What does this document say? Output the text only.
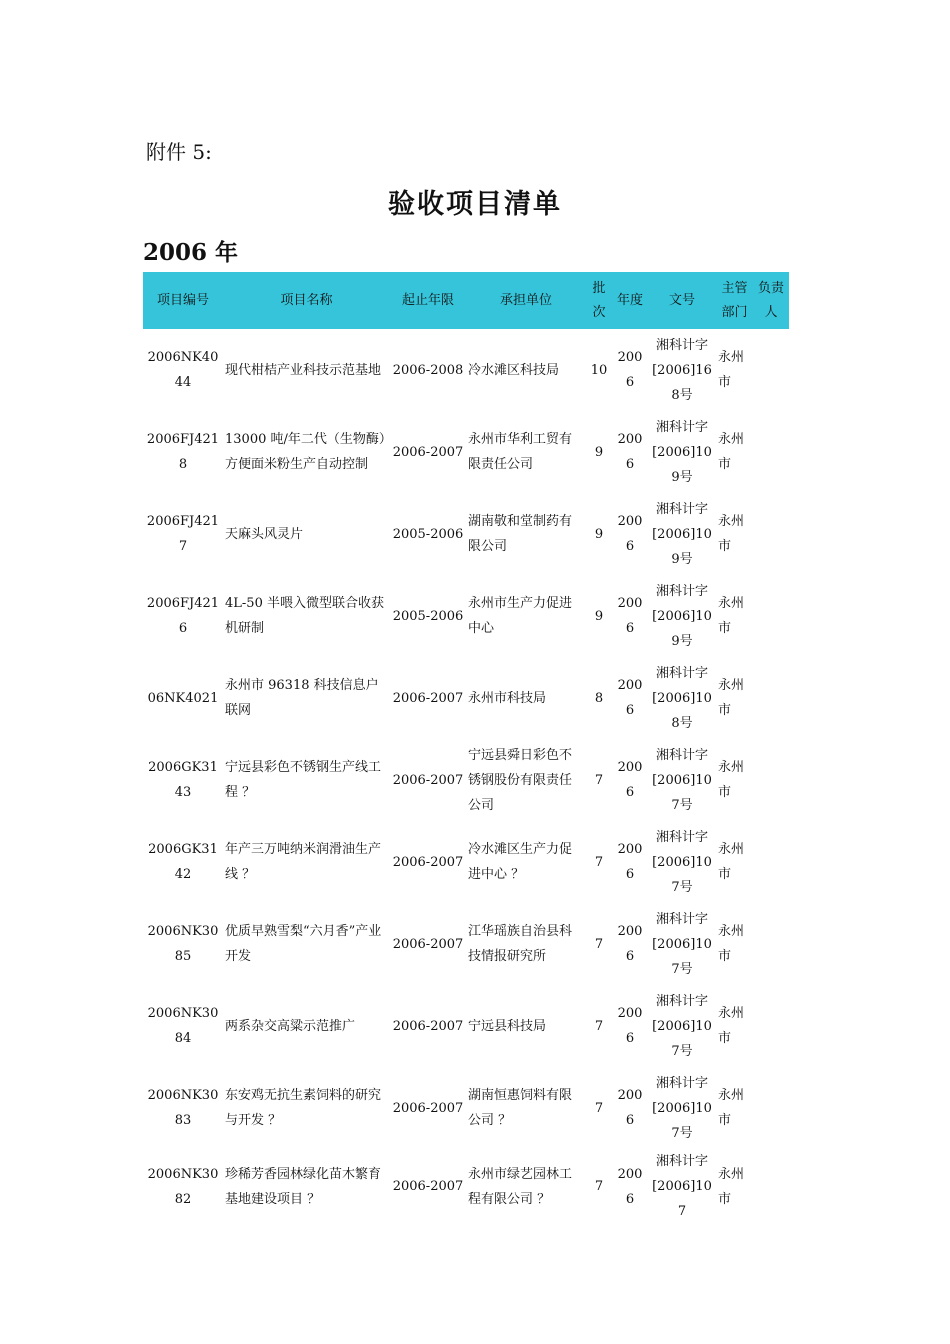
附件 5:
验收项目清单
2006 年
项目编号	项目名称	起止年限	承担单位	批次	年度	文号	主管部门	负责人
2006NK4044	现代柑桔产业科技示范基地	2006-2008	冷水滩区科技局	10	2006	湘科计字[2006]168号	永州市	
2006FJ4218	13000 吨/年二代（生物酶）方便面米粉生产自动控制	2006-2007	永州市华利工贸有限责任公司	9	2006	湘科计字[2006]109号	永州市	
2006FJ4217	天麻头风灵片	2005-2006	湖南敬和堂制药有限公司	9	2006	湘科计字[2006]109号	永州市	
2006FJ4216	4L-50 半喂入微型联合收获机研制	2005-2006	永州市生产力促进中心	9	2006	湘科计字[2006]109号	永州市	
06NK4021	永州市 96318 科技信息户联网	2006-2007	永州市科技局	8	2006	湘科计字[2006]108号	永州市	
2006GK3143	宁远县彩色不锈钢生产线工程 ？	2006-2007	宁远县舜日彩色不锈钢股份有限责任公司	7	2006	湘科计字[2006]107号	永州市	
2006GK3142	年产三万吨纳米润滑油生产线 ？	2006-2007	冷水滩区生产力促进中心 ？	7	2006	湘科计字[2006]107号	永州市	
2006NK3085	优质早熟雪梨“六月香”产业开发	2006-2007	江华瑶族自治县科技情报研究所	7	2006	湘科计字[2006]107号	永州市	
2006NK3084	两系杂交高粱示范推广	2006-2007	宁远县科技局	7	2006	湘科计字[2006]107号	永州市	
2006NK3083	东安鸡无抗生素饲料的研究与开发 ？	2006-2007	湖南恒惠饲料有限公司 ？	7	2006	湘科计字[2006]107号	永州市	
2006NK3082	珍稀芳香园林绿化苗木繁育基地建设项目 ？	2006-2007	永州市绿艺园林工程有限公司 ？	7	2006	湘科计字[2006]107	永州市	
